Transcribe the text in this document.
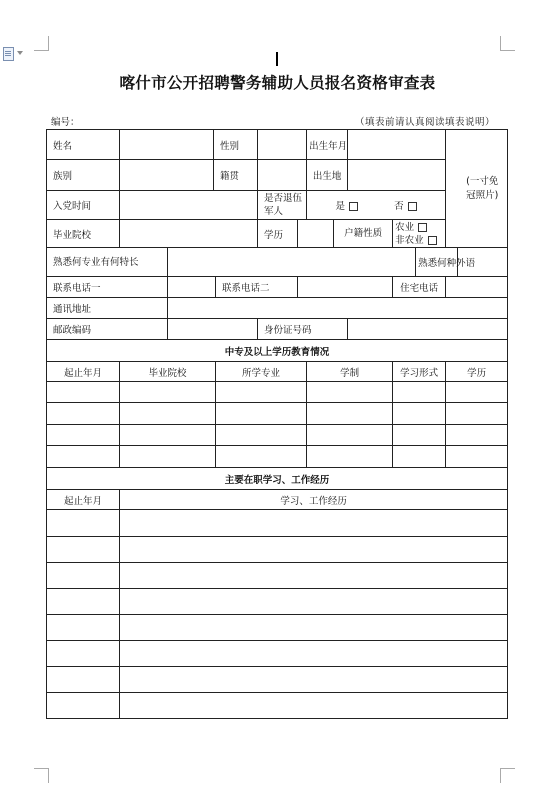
喀什市公开招聘警务辅助人员报名资格审查表
编号：	（填表前请认真阅读填表说明）
姓名			性别				出生年月					(一寸免冠照片)	
族别			籍贯				出生地						
入党时间					是否退伍军人		是 否						
毕业院校					学历			户籍性质		农业
非农业			

熟悉何专业有何特长											熟悉何种外语		
联系电话一				联系电话二						住宅电话			
通讯地址													
邮政编码					身份证号码								
中专及以上学历教育情况													
起止年月	毕业院校			所学专业			学制			学习形式		学历	

主要在职学习、工作经历													
起止年月	学习、工作经历												
